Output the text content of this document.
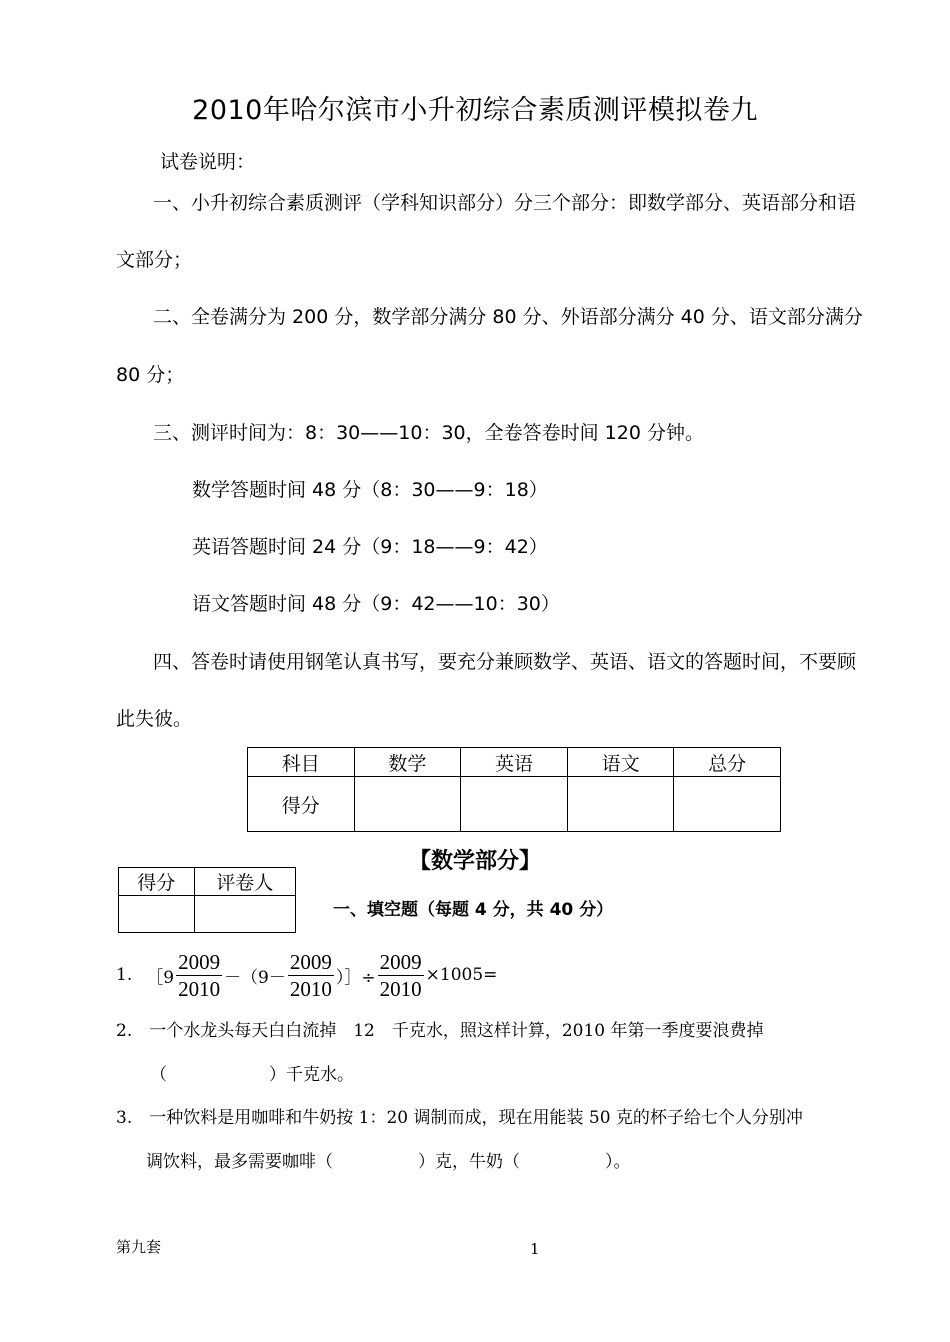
2010年哈尔滨市小升初综合素质测评模拟卷九
试卷说明：
一、小升初综合素质测评（学科知识部分）分三个部分：即数学部分、英语部分和语
文部分；
二、全卷满分为 200 分，数学部分满分 80 分、外语部分满分 40 分、语文部分满分
80 分；
三、测评时间为：8：30——10：30，全卷答卷时间 120 分钟。
数学答题时间 48 分（8：30——9：18）
英语答题时间 24 分（9：18——9：42）
语文答题时间 48 分（9：42——10：30）
四、答卷时请使用钢笔认真书写，要充分兼顾数学、英语、语文的答题时间，不要顾
此失彼。
科目	数学	英语	语文	总分
得分				
【数学部分】
得分	评卷人

一、填空题（每题 4 分，共 40 分）
1. ［9 $\frac{2009}{2010} -(9- \frac{2009}{2010}$ ）］÷ $\frac{2009}{2010} \times 1005=$
2.　一个水龙头每天白白流掉　12　千克水，照这样计算，2010 年第一季度要浪费掉
（　　　　　　）千克水。
3.　一种饮料是用咖啡和牛奶按 1：20 调制而成，现在用能装 50 克的杯子给七个人分别冲
调饮料，最多需要咖啡（　　　　　）克，牛奶（　　　　　）。
第九套	1
